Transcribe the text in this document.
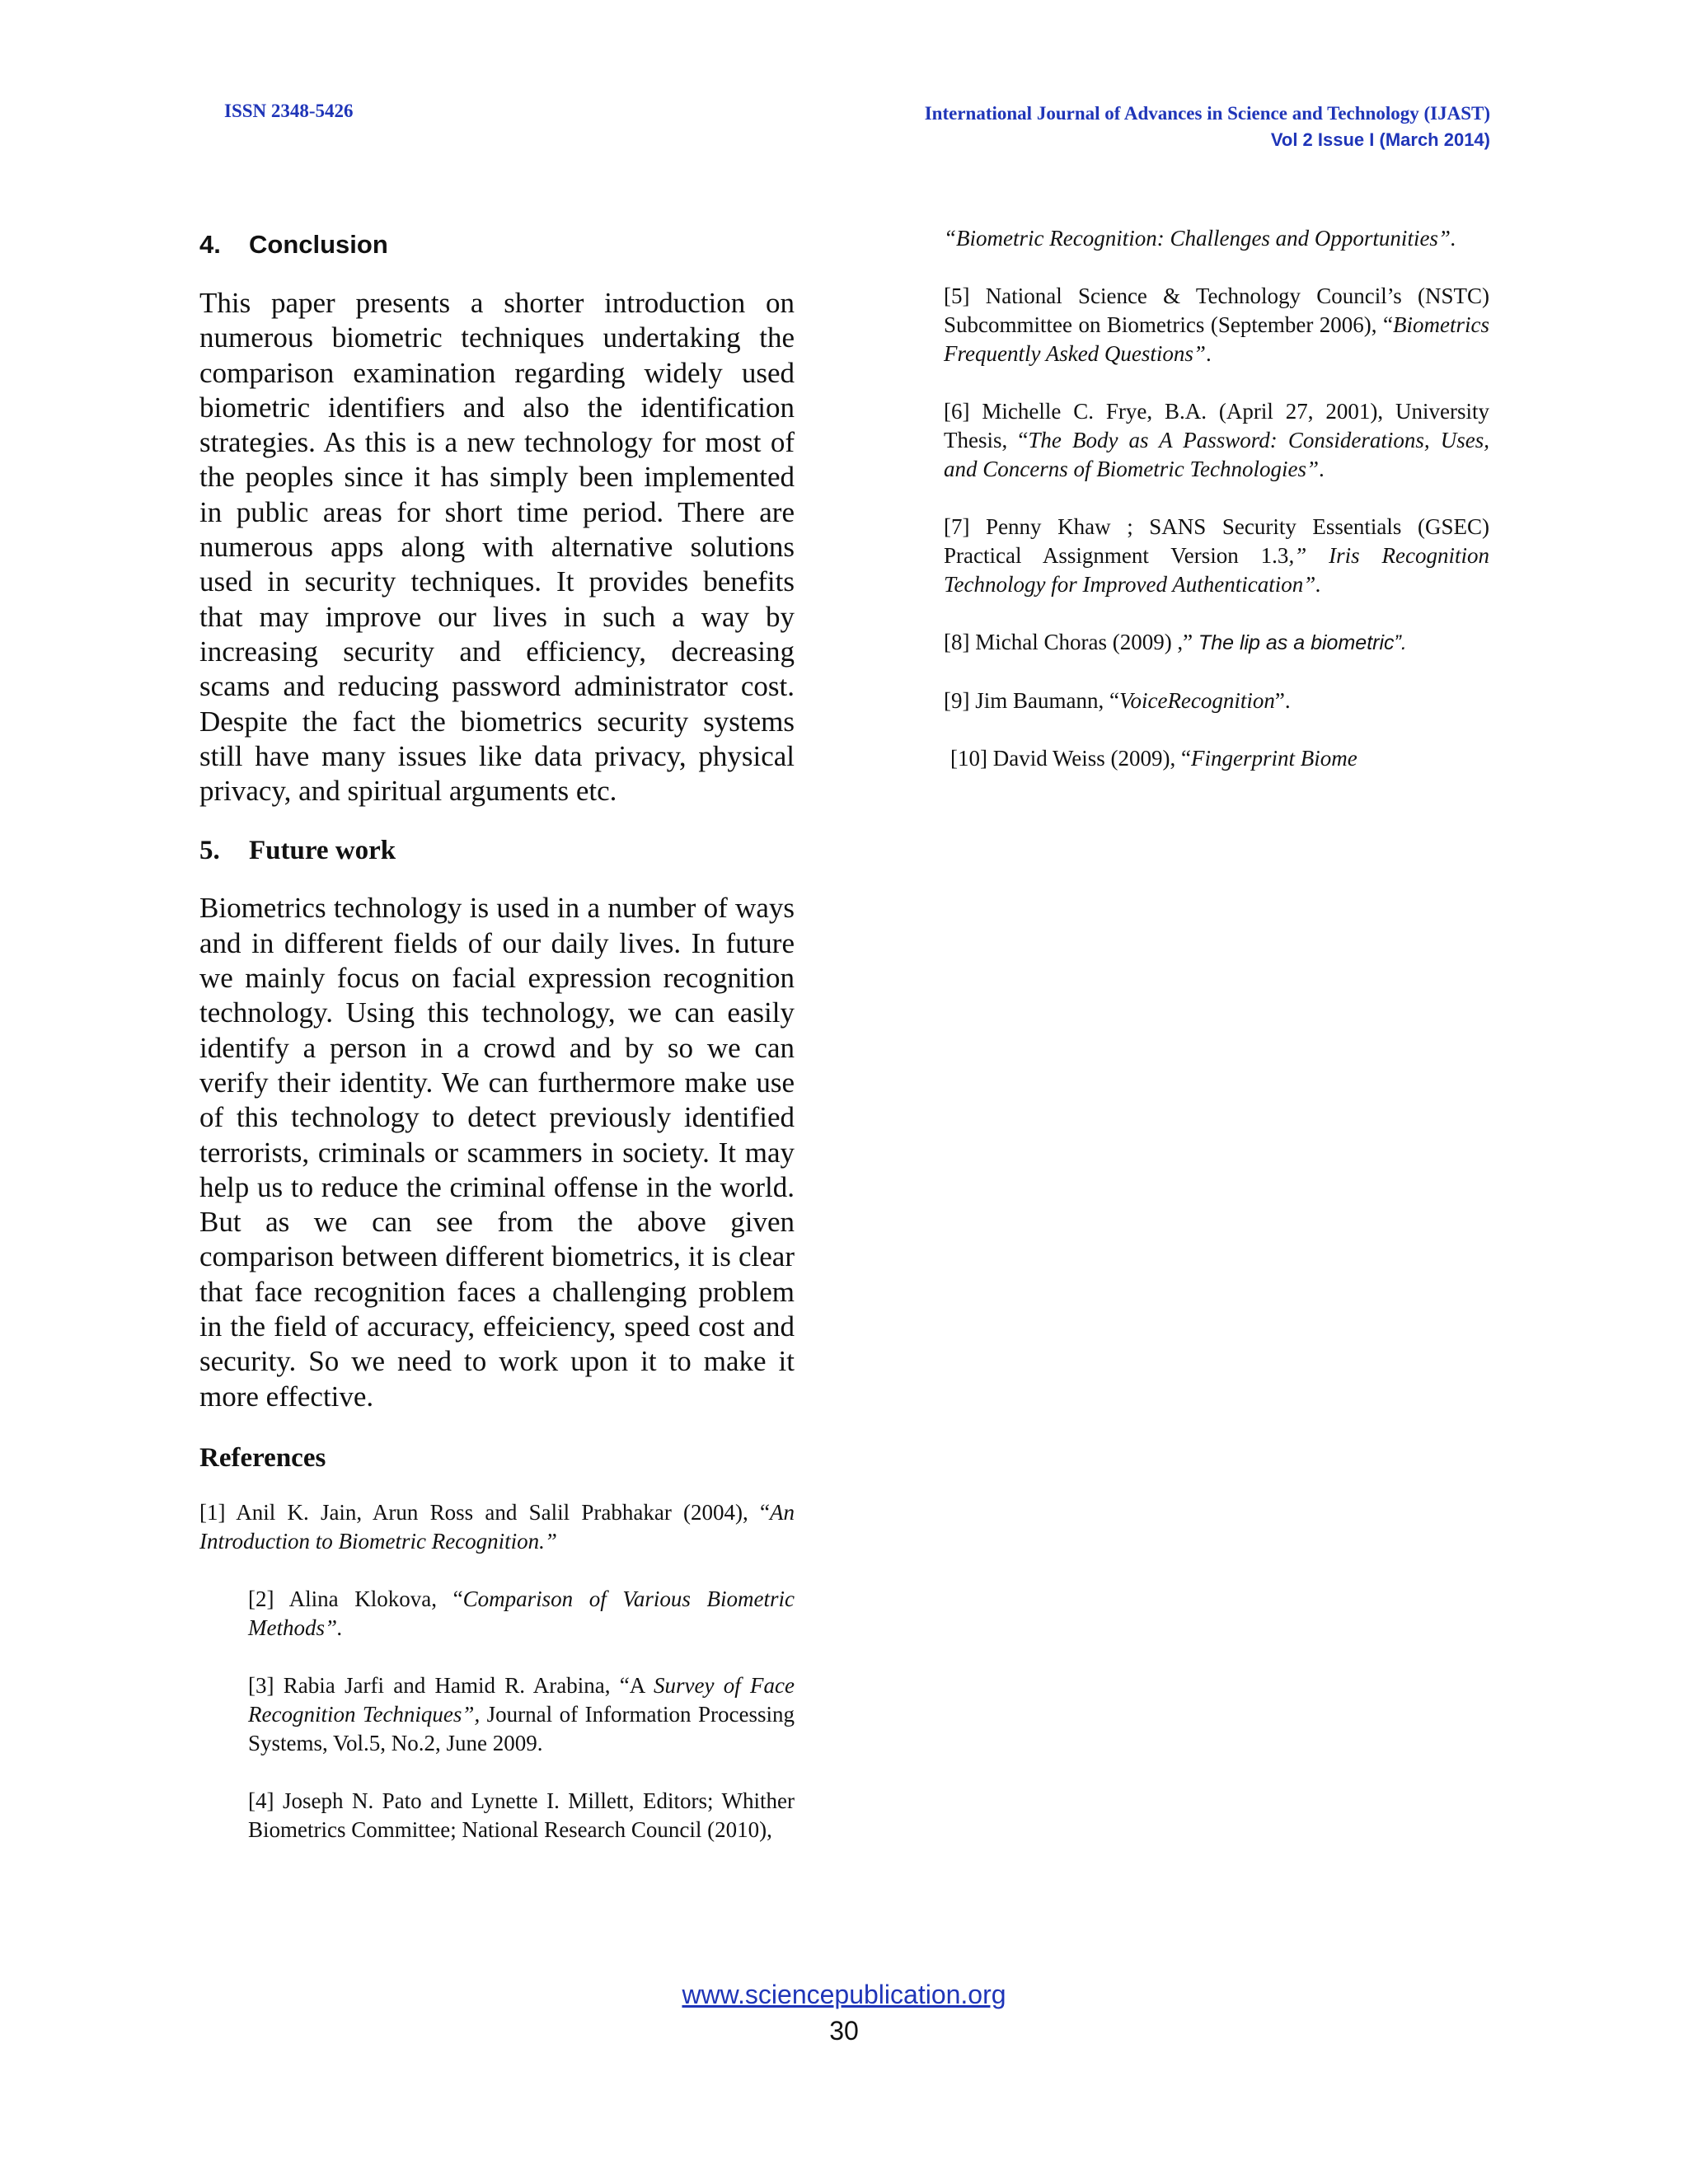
ISSN 2348-5426	International Journal of Advances in Science and Technology (IJAST)
Vol 2 Issue I (March 2014)
4. Conclusion

This paper presents a shorter introduction on numerous biometric techniques undertaking the comparison examination regarding widely used biometric identifiers and also the identification strategies. As this is a new technology for most of the peoples since it has simply been implemented in public areas for short time period. There are numerous apps along with alternative solutions used in security techniques. It provides benefits that may improve our lives in such a way by increasing security and efficiency, decreasing scams and reducing password administrator cost. Despite the fact the biometrics security systems still have many issues like data privacy, physical privacy, and spiritual arguments etc.

5. Future work

Biometrics technology is used in a number of ways and in different fields of our daily lives. In future we mainly focus on facial expression recognition technology. Using this technology, we can easily identify a person in a crowd and by so we can verify their identity. We can furthermore make use of this technology to detect previously identified terrorists, criminals or scammers in society. It may help us to reduce the criminal offense in the world. But as we can see from the above given comparison between different biometrics, it is clear that face recognition faces a challenging problem in the field of accuracy, effeiciency, speed cost and security. So we need to work upon it to make it more effective.

References

[1] Anil K. Jain, Arun Ross and Salil Prabhakar (2004), “An Introduction to Biometric Recognition.”

[2] Alina Klokova, “Comparison of Various Biometric Methods”.

[3] Rabia Jarfi and Hamid R. Arabina, “A Survey of Face Recognition Techniques”, Journal of Information Processing Systems, Vol.5, No.2, June 2009.

[4] Joseph N. Pato and Lynette I. Millett, Editors; Whither Biometrics Committee; National Research Council (2010),

“Biometric Recognition: Challenges and Opportunities”.

[5] National Science & Technology Council’s (NSTC) Subcommittee on Biometrics (September 2006), “Biometrics Frequently Asked Questions”.

[6] Michelle C. Frye, B.A. (April 27, 2001), University Thesis, “The Body as A Password: Considerations, Uses, and Concerns of Biometric Technologies”.

[7] Penny Khaw ; SANS Security Essentials (GSEC) Practical Assignment Version 1.3,” Iris Recognition Technology for Improved Authentication”.

[8] Michal Choras (2009) ,” The lip as a biometric”.

[9] Jim Baumann, “VoiceRecognition”.

[10] David Weiss (2009), “Fingerprint Biome

www.sciencepublication.org
30
